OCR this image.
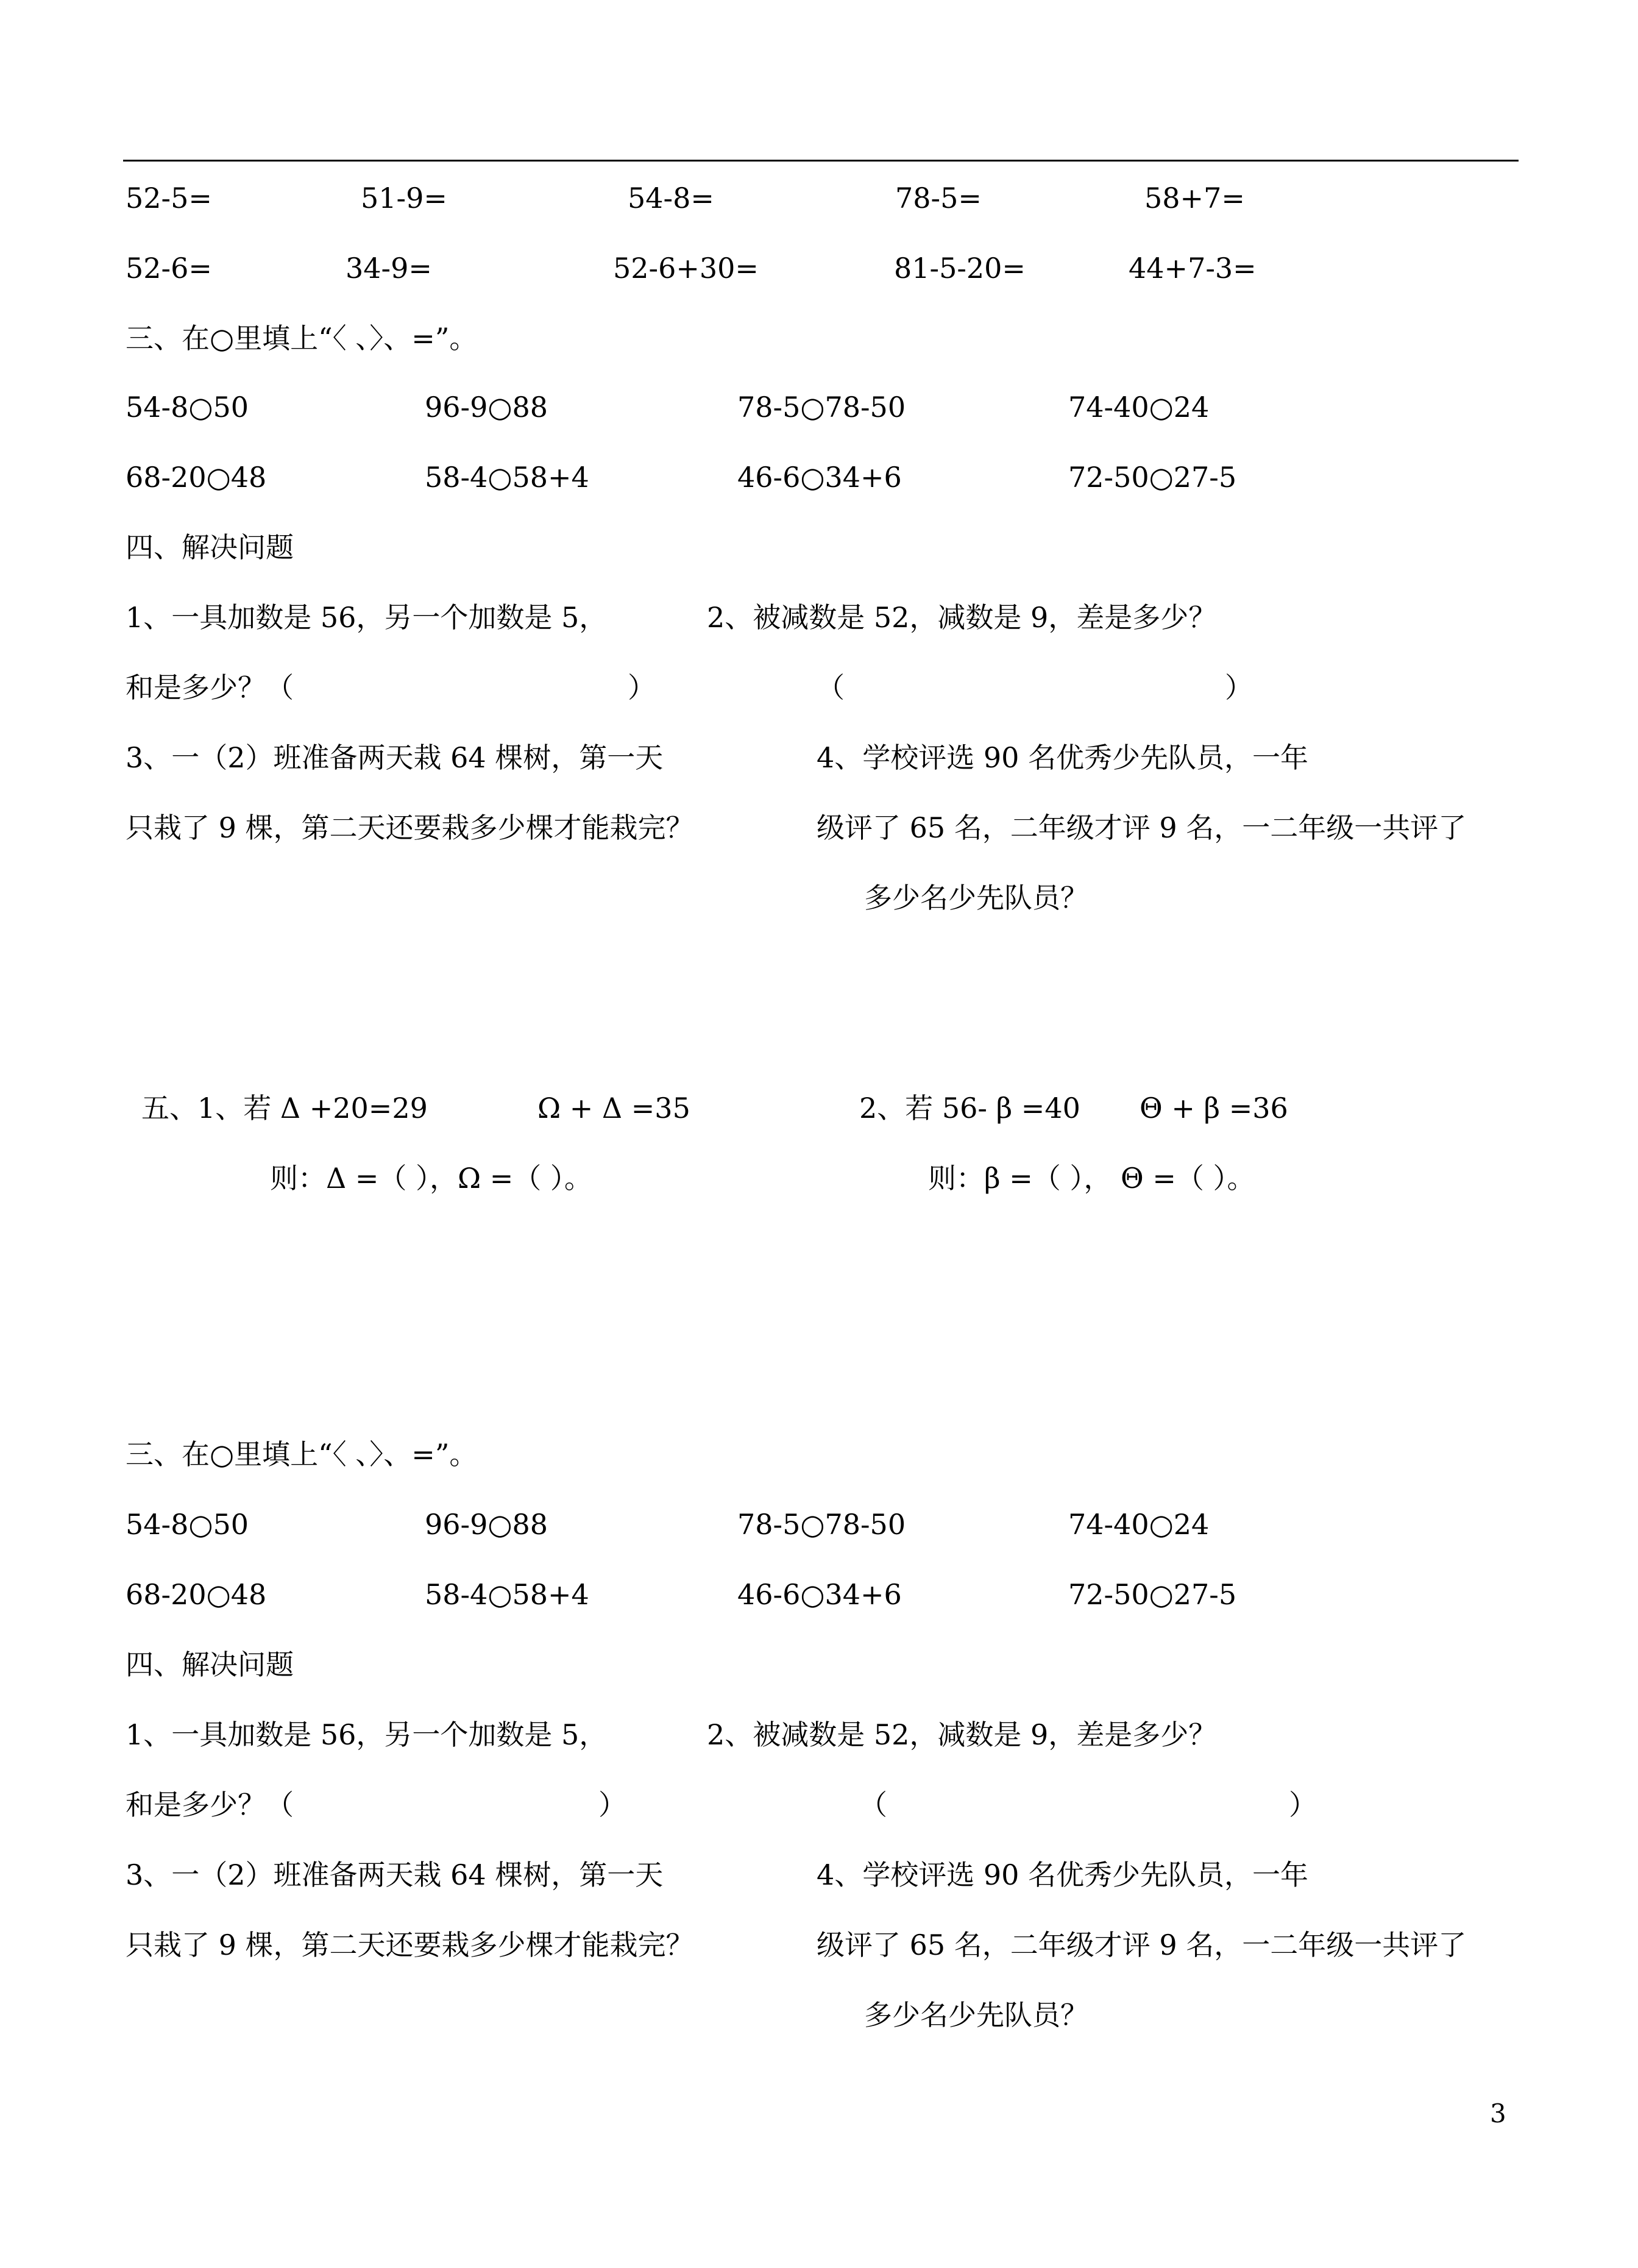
52-5=	51-9=	54-8=	78-5=	58+7=
52-6=	34-9=	52-6+30=	81-5-20=	44+7-3=
三、在○里填上“〈 、〉、=”。
54-8○50	96-9○88	78-5○78-50	74-40○24
68-20○48	58-4○58+4	46-6○34+6	72-50○27-5
四、解决问题
1、一具加数是 56，另一个加数是 5，	2、被减数是 52，减数是 9，差是多少？
和是多少？（	）	（	）
3、一（2）班准备两天栽 64 棵树，第一天	4、学校评选 90 名优秀少先队员，一年
只栽了 9 棵，第二天还要栽多少棵才能栽完？	级评了 65 名，二年级才评 9 名，一二年级一共评了
多少名少先队员？
五、1、若 Δ +20=29	Ω + Δ =35	2、若 56- β =40 Θ + β =36
则：Δ =（ ），Ω =（ ）。	则：β =（ ）， Θ =（ ）。
三、在○里填上“〈 、〉、=”。
54-8○50	96-9○88	78-5○78-50	74-40○24
68-20○48	58-4○58+4	46-6○34+6	72-50○27-5
四、解决问题
1、一具加数是 56，另一个加数是 5，	2、被减数是 52，减数是 9，差是多少？
和是多少？（	）	（	）
3、一（2）班准备两天栽 64 棵树，第一天	4、学校评选 90 名优秀少先队员，一年
只栽了 9 棵，第二天还要栽多少棵才能栽完？	级评了 65 名，二年级才评 9 名，一二年级一共评了
多少名少先队员？
3
